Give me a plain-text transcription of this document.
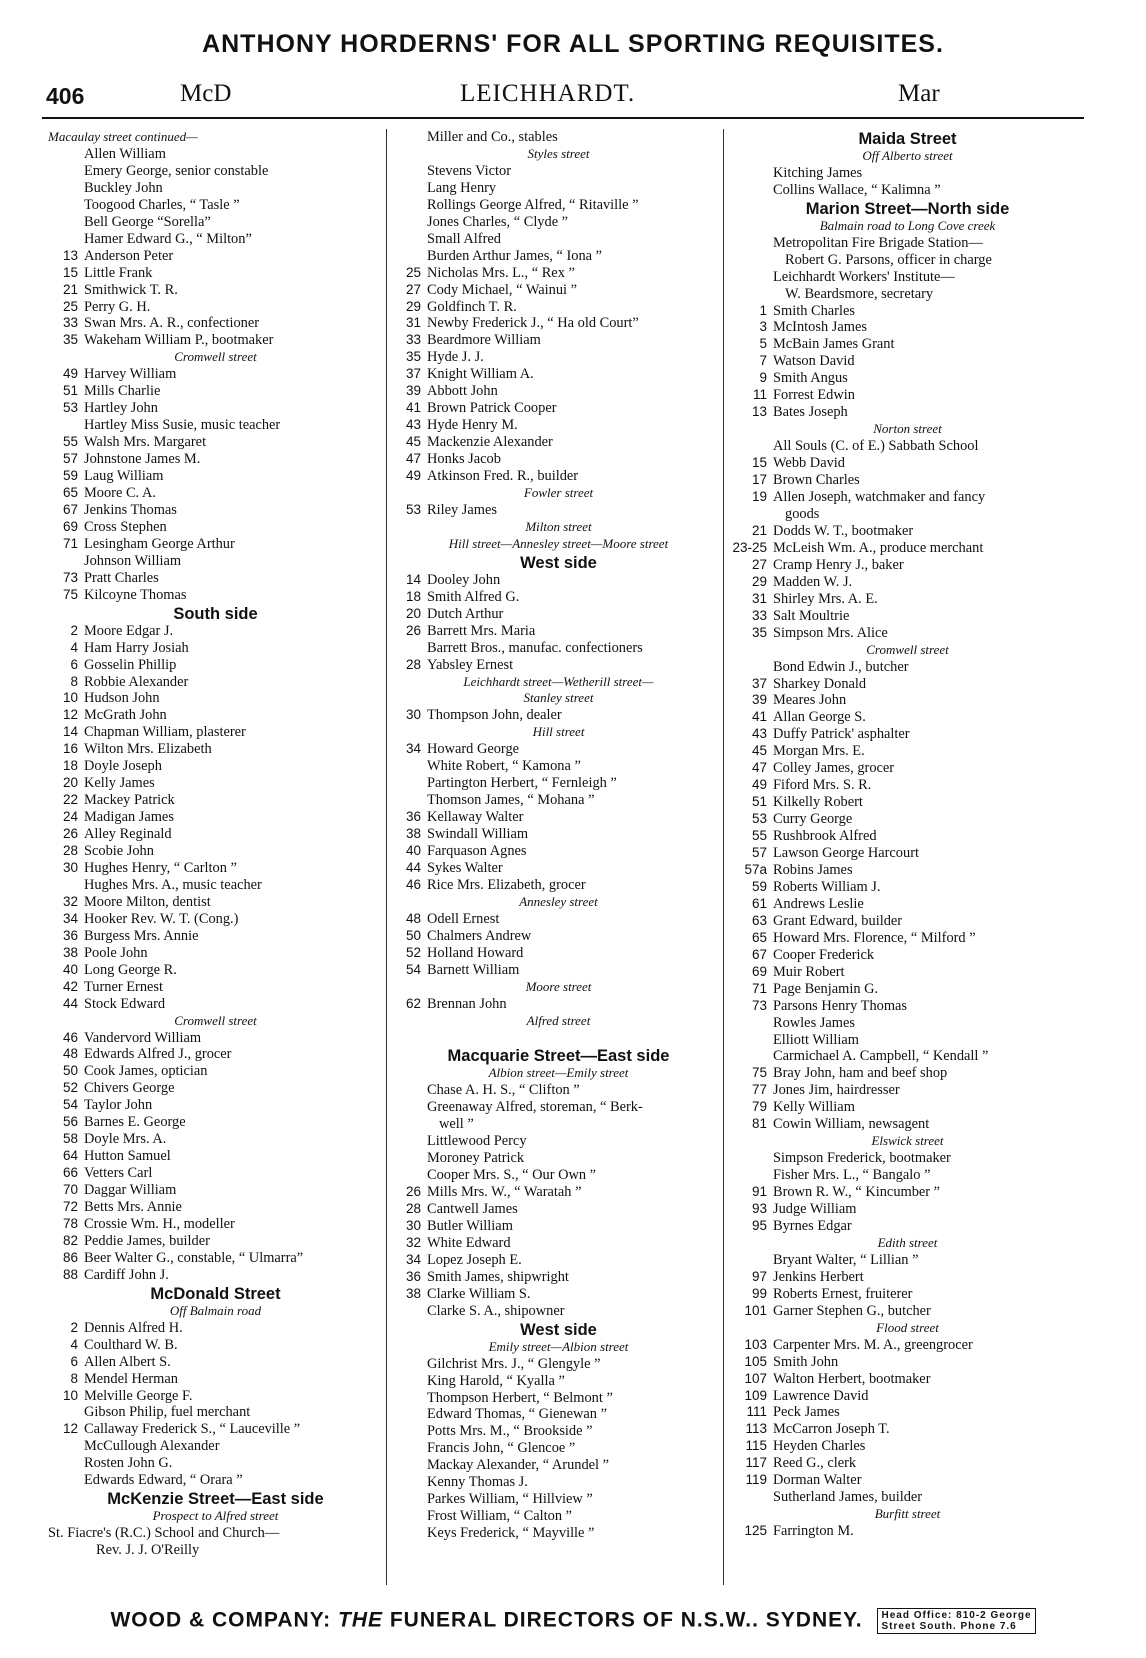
ANTHONY HORDERNS' FOR ALL SPORTING REQUISITES.
406	McD	LEICHHARDT.	Mar
Macaulay street continued—
Allen William
Emery George, senior constable
Buckley John
Toogood Charles, “ Tasle ”
Bell George “Sorella”
Hamer Edward G., “ Milton”
13 Anderson Peter
15 Little Frank
21 Smithwick T. R.
25 Perry G. H.
33 Swan Mrs. A. R., confectioner
35 Wakeham William P., bootmaker
Cromwell street
49 Harvey William
51 Mills Charlie
53 Hartley John
Hartley Miss Susie, music teacher
55 Walsh Mrs. Margaret
57 Johnstone James M.
59 Laug William
65 Moore C. A.
67 Jenkins Thomas
69 Cross Stephen
71 Lesingham George Arthur
Johnson William
73 Pratt Charles
75 Kilcoyne Thomas
South side
2 Moore Edgar J.
4 Ham Harry Josiah
6 Gosselin Phillip
8 Robbie Alexander
10 Hudson John
12 McGrath John
14 Chapman William, plasterer
16 Wilton Mrs. Elizabeth
18 Doyle Joseph
20 Kelly James
22 Mackey Patrick
24 Madigan James
26 Alley Reginald
28 Scobie John
30 Hughes Henry, “ Carlton ”
Hughes Mrs. A., music teacher
32 Moore Milton, dentist
34 Hooker Rev. W. T. (Cong.)
36 Burgess Mrs. Annie
38 Poole John
40 Long George R.
42 Turner Ernest
44 Stock Edward
Cromwell street
46 Vandervord William
48 Edwards Alfred J., grocer
50 Cook James, optician
52 Chivers George
54 Taylor John
56 Barnes E. George
58 Doyle Mrs. A.
64 Hutton Samuel
66 Vetters Carl
70 Daggar William
72 Betts Mrs. Annie
78 Crossie Wm. H., modeller
82 Peddie James, builder
86 Beer Walter G., constable, “ Ulmarra”
88 Cardiff John J.
McDonald Street
Off Balmain road
2 Dennis Alfred H.
4 Coulthard W. B.
6 Allen Albert S.
8 Mendel Herman
10 Melville George F.
Gibson Philip, fuel merchant
12 Callaway Frederick S., “ Lauceville ”
McCullough Alexander
Rosten John G.
Edwards Edward, “ Orara ”
McKenzie Street—East side
Prospect to Alfred street
St. Fiacre's (R.C.) School and Church—
Rev. J. J. O'Reilly
Miller and Co., stables
Styles street
Stevens Victor
Lang Henry
Rollings George Alfred, “ Ritaville ”
Jones Charles, “ Clyde ”
Small Alfred
Burden Arthur James, “ Iona ”
25 Nicholas Mrs. L., “ Rex ”
27 Cody Michael, “ Wainui ”
29 Goldfinch T. R.
31 Newby Frederick J., “ Ha old Court”
33 Beardmore William
35 Hyde J. J.
37 Knight William A.
39 Abbott John
41 Brown Patrick Cooper
43 Hyde Henry M.
45 Mackenzie Alexander
47 Honks Jacob
49 Atkinson Fred. R., builder
Fowler street
53 Riley James
Milton street
Hill street—Annesley street—Moore street
West side
14 Dooley John
18 Smith Alfred G.
20 Dutch Arthur
26 Barrett Mrs. Maria
Barrett Bros., manufac. confectioners
28 Yabsley Ernest
Leichhardt street—Wetherill street—
Stanley street
30 Thompson John, dealer
Hill street
34 Howard George
White Robert, “ Kamona ”
Partington Herbert, “ Fernleigh ”
Thomson James, “ Mohana ”
36 Kellaway Walter
38 Swindall William
40 Farquason Agnes
44 Sykes Walter
46 Rice Mrs. Elizabeth, grocer
Annesley street
48 Odell Ernest
50 Chalmers Andrew
52 Holland Howard
54 Barnett William
Moore street
62 Brennan John
Alfred street

Macquarie Street—East side
Albion street—Emily street
Chase A. H. S., “ Clifton ”
Greenaway Alfred, storeman, “ Berk-
well ”
Littlewood Percy
Moroney Patrick
Cooper Mrs. S., “ Our Own ”
26 Mills Mrs. W., “ Waratah ”
28 Cantwell James
30 Butler William
32 White Edward
34 Lopez Joseph E.
36 Smith James, shipwright
38 Clarke William S.
Clarke S. A., shipowner
West side
Emily street—Albion street
Gilchrist Mrs. J., “ Glengyle ”
King Harold, “ Kyalla ”
Thompson Herbert, “ Belmont ”
Edward Thomas, “ Gienewan ”
Potts Mrs. M., “ Brookside ”
Francis John, “ Glencoe ”
Mackay Alexander, “ Arundel ”
Kenny Thomas J.
Parkes William, “ Hillview ”
Frost William, “ Calton ”
Keys Frederick, “ Mayville ”
Maida Street
Off Alberto street
Kitching James
Collins Wallace, “ Kalimna ”
Marion Street—North side
Balmain road to Long Cove creek
Metropolitan Fire Brigade Station—
Robert G. Parsons, officer in charge
Leichhardt Workers' Institute—
W. Beardsmore, secretary
1 Smith Charles
3 McIntosh James
5 McBain James Grant
7 Watson David
9 Smith Angus
11 Forrest Edwin
13 Bates Joseph
Norton street
All Souls (C. of E.) Sabbath School
15 Webb David
17 Brown Charles
19 Allen Joseph, watchmaker and fancy
goods
21 Dodds W. T., bootmaker
23-25 McLeish Wm. A., produce merchant
27 Cramp Henry J., baker
29 Madden W. J.
31 Shirley Mrs. A. E.
33 Salt Moultrie
35 Simpson Mrs. Alice
Cromwell street
Bond Edwin J., butcher
37 Sharkey Donald
39 Meares John
41 Allan George S.
43 Duffy Patrick' asphalter
45 Morgan Mrs. E.
47 Colley James, grocer
49 Fiford Mrs. S. R.
51 Kilkelly Robert
53 Curry George
55 Rushbrook Alfred
57 Lawson George Harcourt
57a Robins James
59 Roberts William J.
61 Andrews Leslie
63 Grant Edward, builder
65 Howard Mrs. Florence, “ Milford ”
67 Cooper Frederick
69 Muir Robert
71 Page Benjamin G.
73 Parsons Henry Thomas
Rowles James
Elliott William
Carmichael A. Campbell, “ Kendall ”
75 Bray John, ham and beef shop
77 Jones Jim, hairdresser
79 Kelly William
81 Cowin William, newsagent
Elswick street
Simpson Frederick, bootmaker
Fisher Mrs. L., “ Bangalo ”
91 Brown R. W., “ Kincumber ”
93 Judge William
95 Byrnes Edgar
Edith street
Bryant Walter, “ Lillian ”
97 Jenkins Herbert
99 Roberts Ernest, fruiterer
101 Garner Stephen G., butcher
Flood street
103 Carpenter Mrs. M. A., greengrocer
105 Smith John
107 Walton Herbert, bootmaker
109 Lawrence David
111 Peck James
113 McCarron Joseph T.
115 Heyden Charles
117 Reed G., clerk
119 Dorman Walter
Sutherland James, builder
Burfitt street
125 Farrington M.
WOOD & COMPANY: THE FUNERAL DIRECTORS OF N.S.W.. SYDNEY. Head Office: 810-2 George
Street South. Phone 7.6
